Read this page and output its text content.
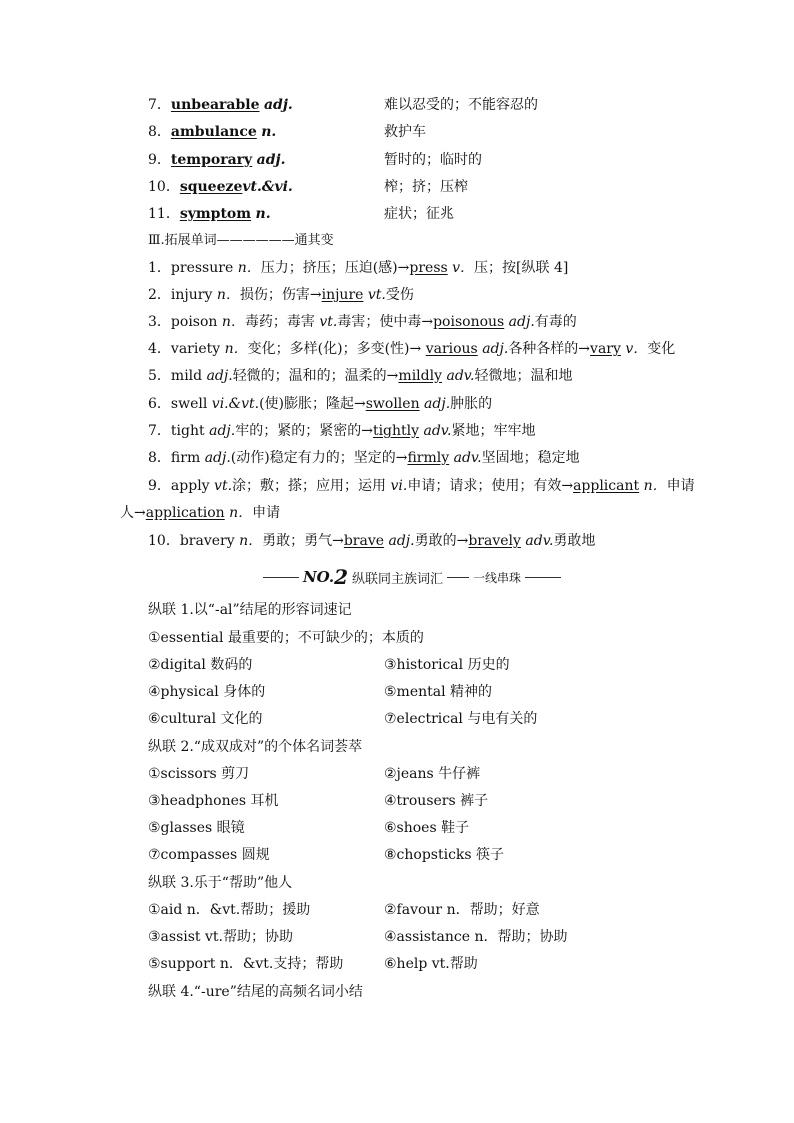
7．unbearable adj.	难以忍受的；不能容忍的
8．ambulance n.	救护车
9．temporary adj.	暂时的；临时的
10．squeezevt.&vi.	榨；挤；压榨
11．symptom n.	症状；征兆
Ⅲ.拓展单词——————通其变
1．pressure n．压力；挤压；压迫(感)→press v．压；按[纵联 4]
2．injury n．损伤；伤害→injure vt.受伤
3．poison n．毒药；毒害 vt.毒害；使中毒→poisonous adj.有毒的
4．variety n．变化；多样(化)；多变(性)→ various adj.各种各样的→vary v．变化
5．mild adj.轻微的；温和的；温柔的→mildly adv.轻微地；温和地
6．swell vi.&vt.(使)膨胀；隆起→swollen adj.肿胀的
7．tight adj.牢的；紧的；紧密的→tightly adv.紧地；牢牢地
8．firm adj.(动作)稳定有力的；坚定的→firmly adv.坚固地；稳定地
9．apply vt.涂；敷；搽；应用；运用 vi.申请；请求；使用；有效→applicant n．申请
人→application n．申请
10．bravery n．勇敢；勇气→brave adj.勇敢的→bravely adv.勇敢地
NO. 2 纵联同主族词汇	一线串珠
纵联 1.以“-al”结尾的形容词速记
①essential 最重要的；不可缺少的；本质的
②digital 数码的	③historical 历史的
④physical 身体的	⑤mental 精神的
⑥cultural 文化的	⑦electrical 与电有关的
纵联 2.“成双成对”的个体名词荟萃
①scissors 剪刀	②jeans 牛仔裤
③headphones 耳机	④trousers 裤子
⑤glasses 眼镜	⑥shoes 鞋子
⑦compasses 圆规	⑧chopsticks 筷子
纵联 3.乐于“帮助”他人
①aid n．&vt.帮助；援助	②favour n．帮助；好意
③assist vt.帮助；协助	④assistance n．帮助；协助
⑤support n．&vt.支持；帮助	⑥help vt.帮助
纵联 4.“-ure”结尾的高频名词小结
